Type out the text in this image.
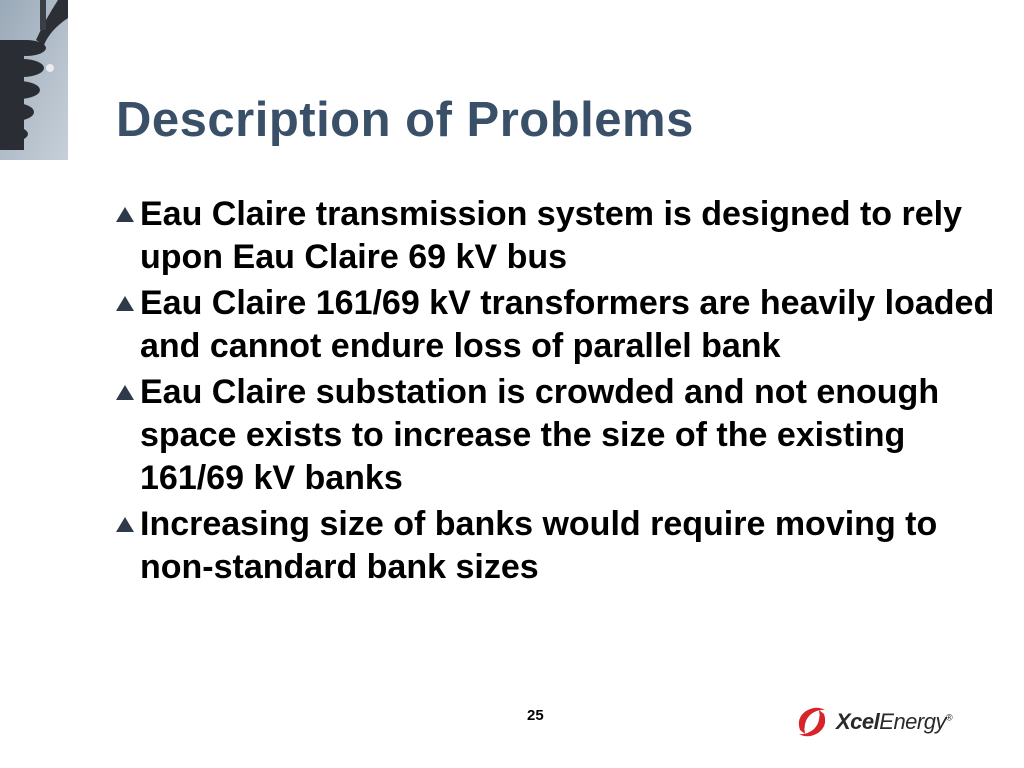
Description of Problems
Eau Claire transmission system is designed to rely upon Eau Claire 69 kV bus
Eau Claire 161/69 kV transformers are heavily loaded and cannot endure loss of parallel bank
Eau Claire substation is crowded and not enough space exists to increase the size of the existing 161/69 kV banks
Increasing size of banks would require moving to non-standard bank sizes
25	XcelEnergy®
